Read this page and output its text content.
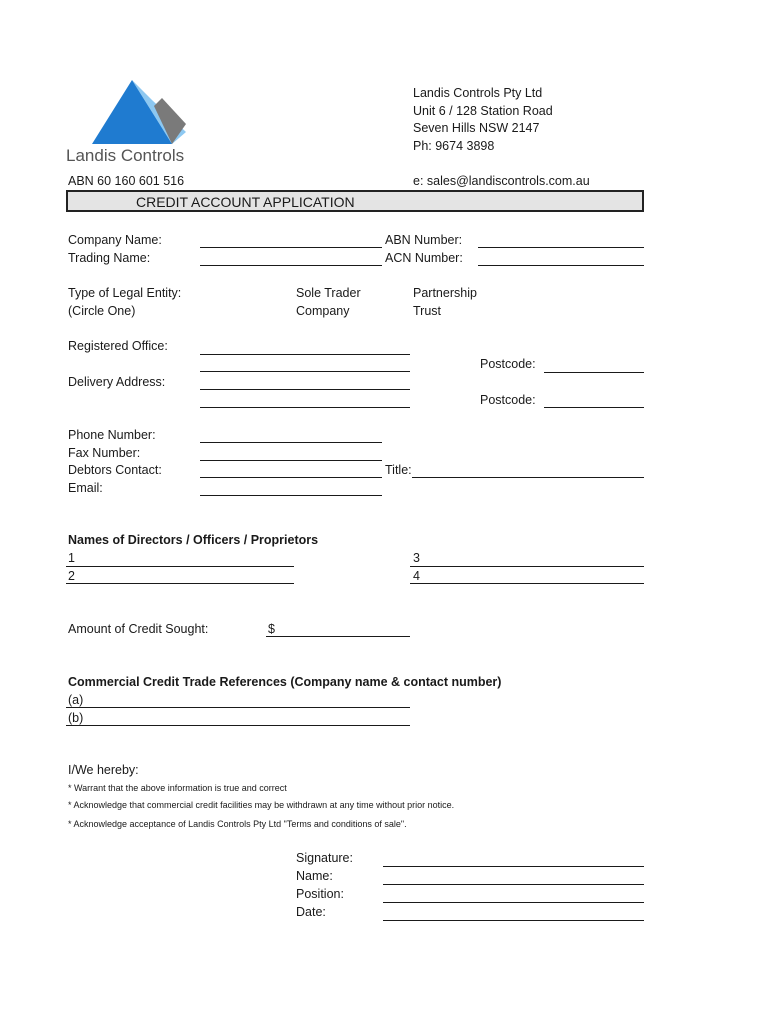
Landis Controls
Landis Controls Pty Ltd
Unit 6 / 128 Station Road
Seven Hills NSW 2147
Ph: 9674 3898
ABN 60 160 601 516	e: sales@landiscontrols.com.au
CREDIT ACCOUNT APPLICATION
Company Name:
Trading Name:
ABN Number:
ACN Number:
Type of Legal Entity:
(Circle One)
Sole Trader
Company
Partnership
Trust
Registered Office:
Postcode:
Delivery Address:
Postcode:
Phone Number:
Fax Number:
Debtors Contact:
Email:
Title:
Names of Directors / Officers / Proprietors
1
2
3
4
Amount of Credit Sought:	$
Commercial Credit Trade References (Company name & contact number)
(a)
(b)
I/We hereby:
* Warrant that the above information is true and correct
* Acknowledge that commercial credit facilities may be withdrawn at any time without prior notice.
* Acknowledge acceptance of Landis Controls Pty Ltd "Terms and conditions of sale".
Signature:
Name:
Position:
Date:
